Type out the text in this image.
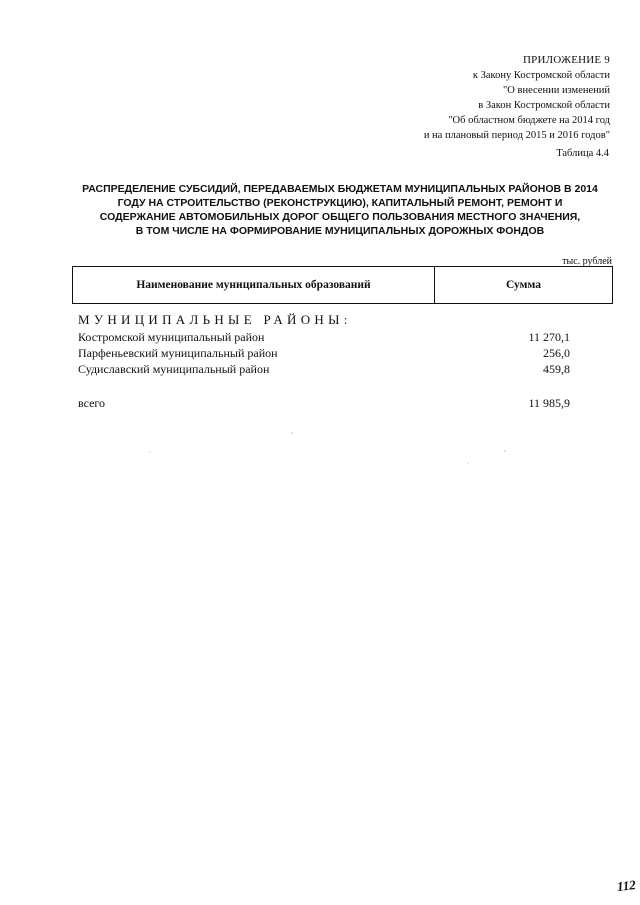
ПРИЛОЖЕНИЕ 9
к Закону Костромской области
"О внесении изменений
в Закон Костромской области
"Об областном бюджете на 2014 год
и на плановый период 2015 и 2016 годов"
Таблица 4.4
РАСПРЕДЕЛЕНИЕ СУБСИДИЙ, ПЕРЕДАВАЕМЫХ БЮДЖЕТАМ МУНИЦИПАЛЬНЫХ РАЙОНОВ В 2014
ГОДУ НА СТРОИТЕЛЬСТВО (РЕКОНСТРУКЦИЮ), КАПИТАЛЬНЫЙ РЕМОНТ, РЕМОНТ И
СОДЕРЖАНИЕ АВТОМОБИЛЬНЫХ ДОРОГ ОБЩЕГО ПОЛЬЗОВАНИЯ МЕСТНОГО ЗНАЧЕНИЯ,
В ТОМ ЧИСЛЕ НА ФОРМИРОВАНИЕ МУНИЦИПАЛЬНЫХ ДОРОЖНЫХ ФОНДОВ
тыс. рублей
Наименование муниципальных образований	Сумма
МУНИЦИПАЛЬНЫЕ РАЙОНЫ:
Костромской муниципальный район	11 270,1
Парфеньевский муниципальный район	256,0
Судиславский муниципальный район	459,8
всего	11 985,9
112
